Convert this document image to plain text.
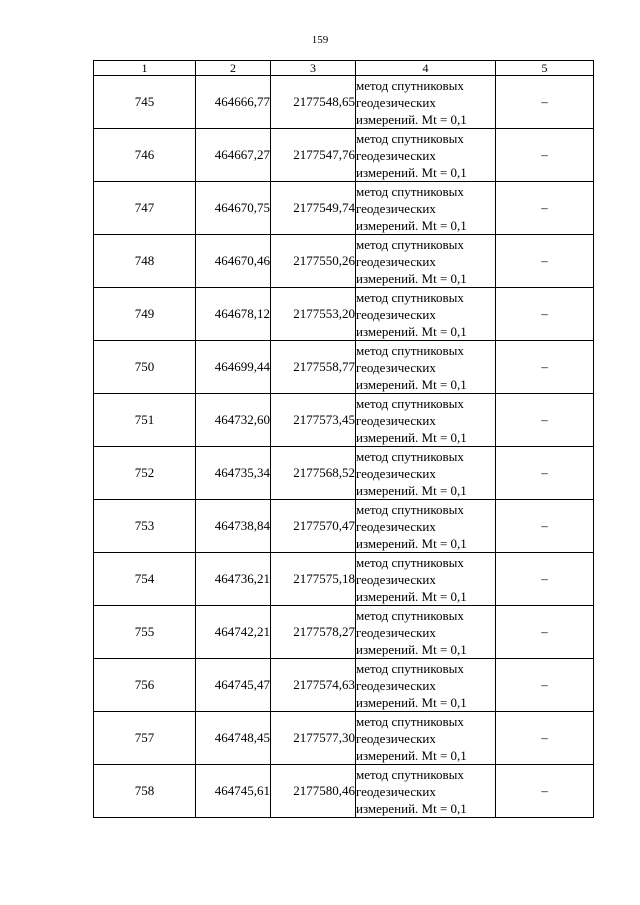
159
1	2	3	4	5
745	464666,77	2177548,65	метод спутниковых
геодезических
измерений. Mt = 0,1	–
746	464667,27	2177547,76	метод спутниковых
геодезических
измерений. Mt = 0,1	–
747	464670,75	2177549,74	метод спутниковых
геодезических
измерений. Mt = 0,1	–
748	464670,46	2177550,26	метод спутниковых
геодезических
измерений. Mt = 0,1	–
749	464678,12	2177553,20	метод спутниковых
геодезических
измерений. Mt = 0,1	–
750	464699,44	2177558,77	метод спутниковых
геодезических
измерений. Mt = 0,1	–
751	464732,60	2177573,45	метод спутниковых
геодезических
измерений. Mt = 0,1	–
752	464735,34	2177568,52	метод спутниковых
геодезических
измерений. Mt = 0,1	–
753	464738,84	2177570,47	метод спутниковых
геодезических
измерений. Mt = 0,1	–
754	464736,21	2177575,18	метод спутниковых
геодезических
измерений. Mt = 0,1	–
755	464742,21	2177578,27	метод спутниковых
геодезических
измерений. Mt = 0,1	–
756	464745,47	2177574,63	метод спутниковых
геодезических
измерений. Mt = 0,1	–
757	464748,45	2177577,30	метод спутниковых
геодезических
измерений. Mt = 0,1	–
758	464745,61	2177580,46	метод спутниковых
геодезических
измерений. Mt = 0,1	–
